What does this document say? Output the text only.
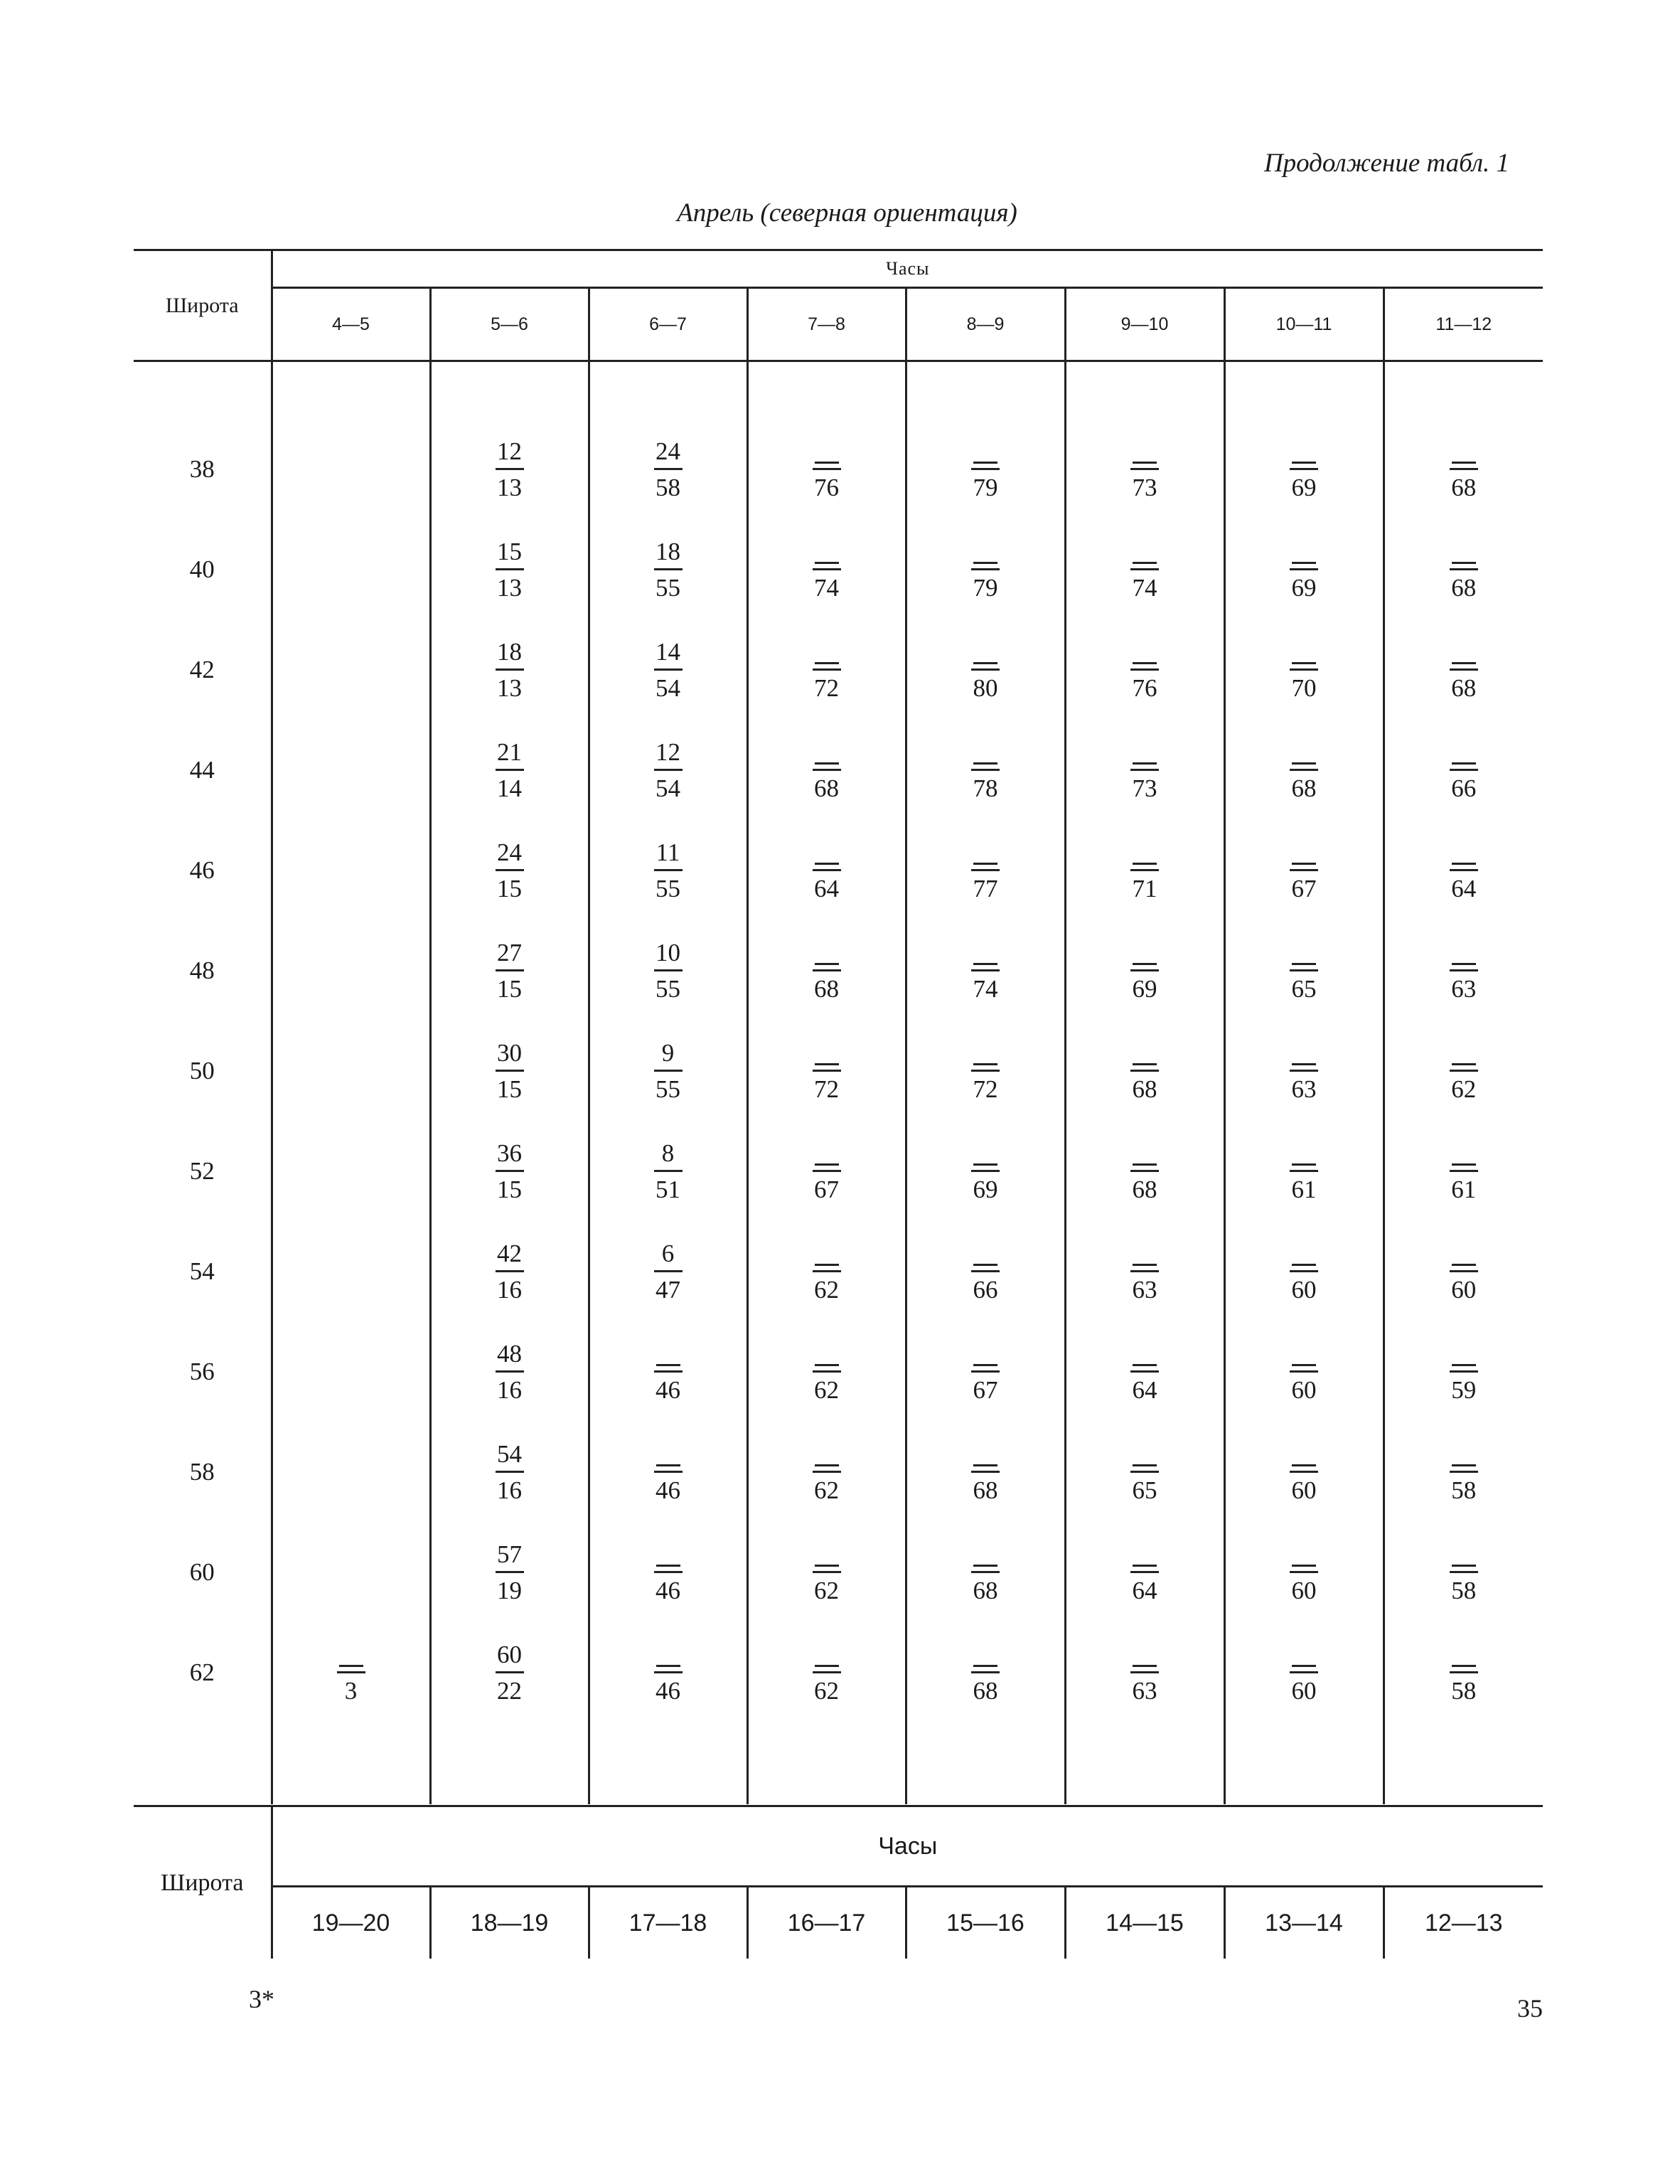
Продолжение табл. 1
Апрель (северная ориентация)
Широта	Часы							
	4—5	5—6	6—7	7—8	8—9	9—10	10—11	11—12

38		$\frac{12}{13}$	$\frac{24}{58}$	76	79	73	69	68

40		$\frac{15}{13}$	$\frac{18}{55}$	74	79	74	69	68

42		$\frac{18}{13}$	$\frac{14}{54}$	72	80	76	70	68

44		$\frac{21}{14}$	$\frac{12}{54}$	68	78	73	68	66

46		$\frac{24}{15}$	$\frac{11}{55}$	64	77	71	67	64

48		$\frac{27}{15}$	$\frac{10}{55}$	68	74	69	65	63

50		$\frac{30}{15}$	$\frac{9}{55}$	72	72	68	63	62

52		$\frac{36}{15}$	$\frac{8}{51}$	67	69	68	61	61

54		$\frac{42}{16}$	$\frac{6}{47}$	62	66	63	60	60

56		$\frac{48}{16}$	46	62	67	64	60	59

58		$\frac{54}{16}$	46	62	68	65	60	58

60		$\frac{57}{19}$	46	62	68	64	60	58

62	3	$\frac{60}{22}$	46	62	68	63	60	58

Широта	Часы							
	19—20	18—19	17—18	16—17	15—16	14—15	13—14	12—13
3*	35
